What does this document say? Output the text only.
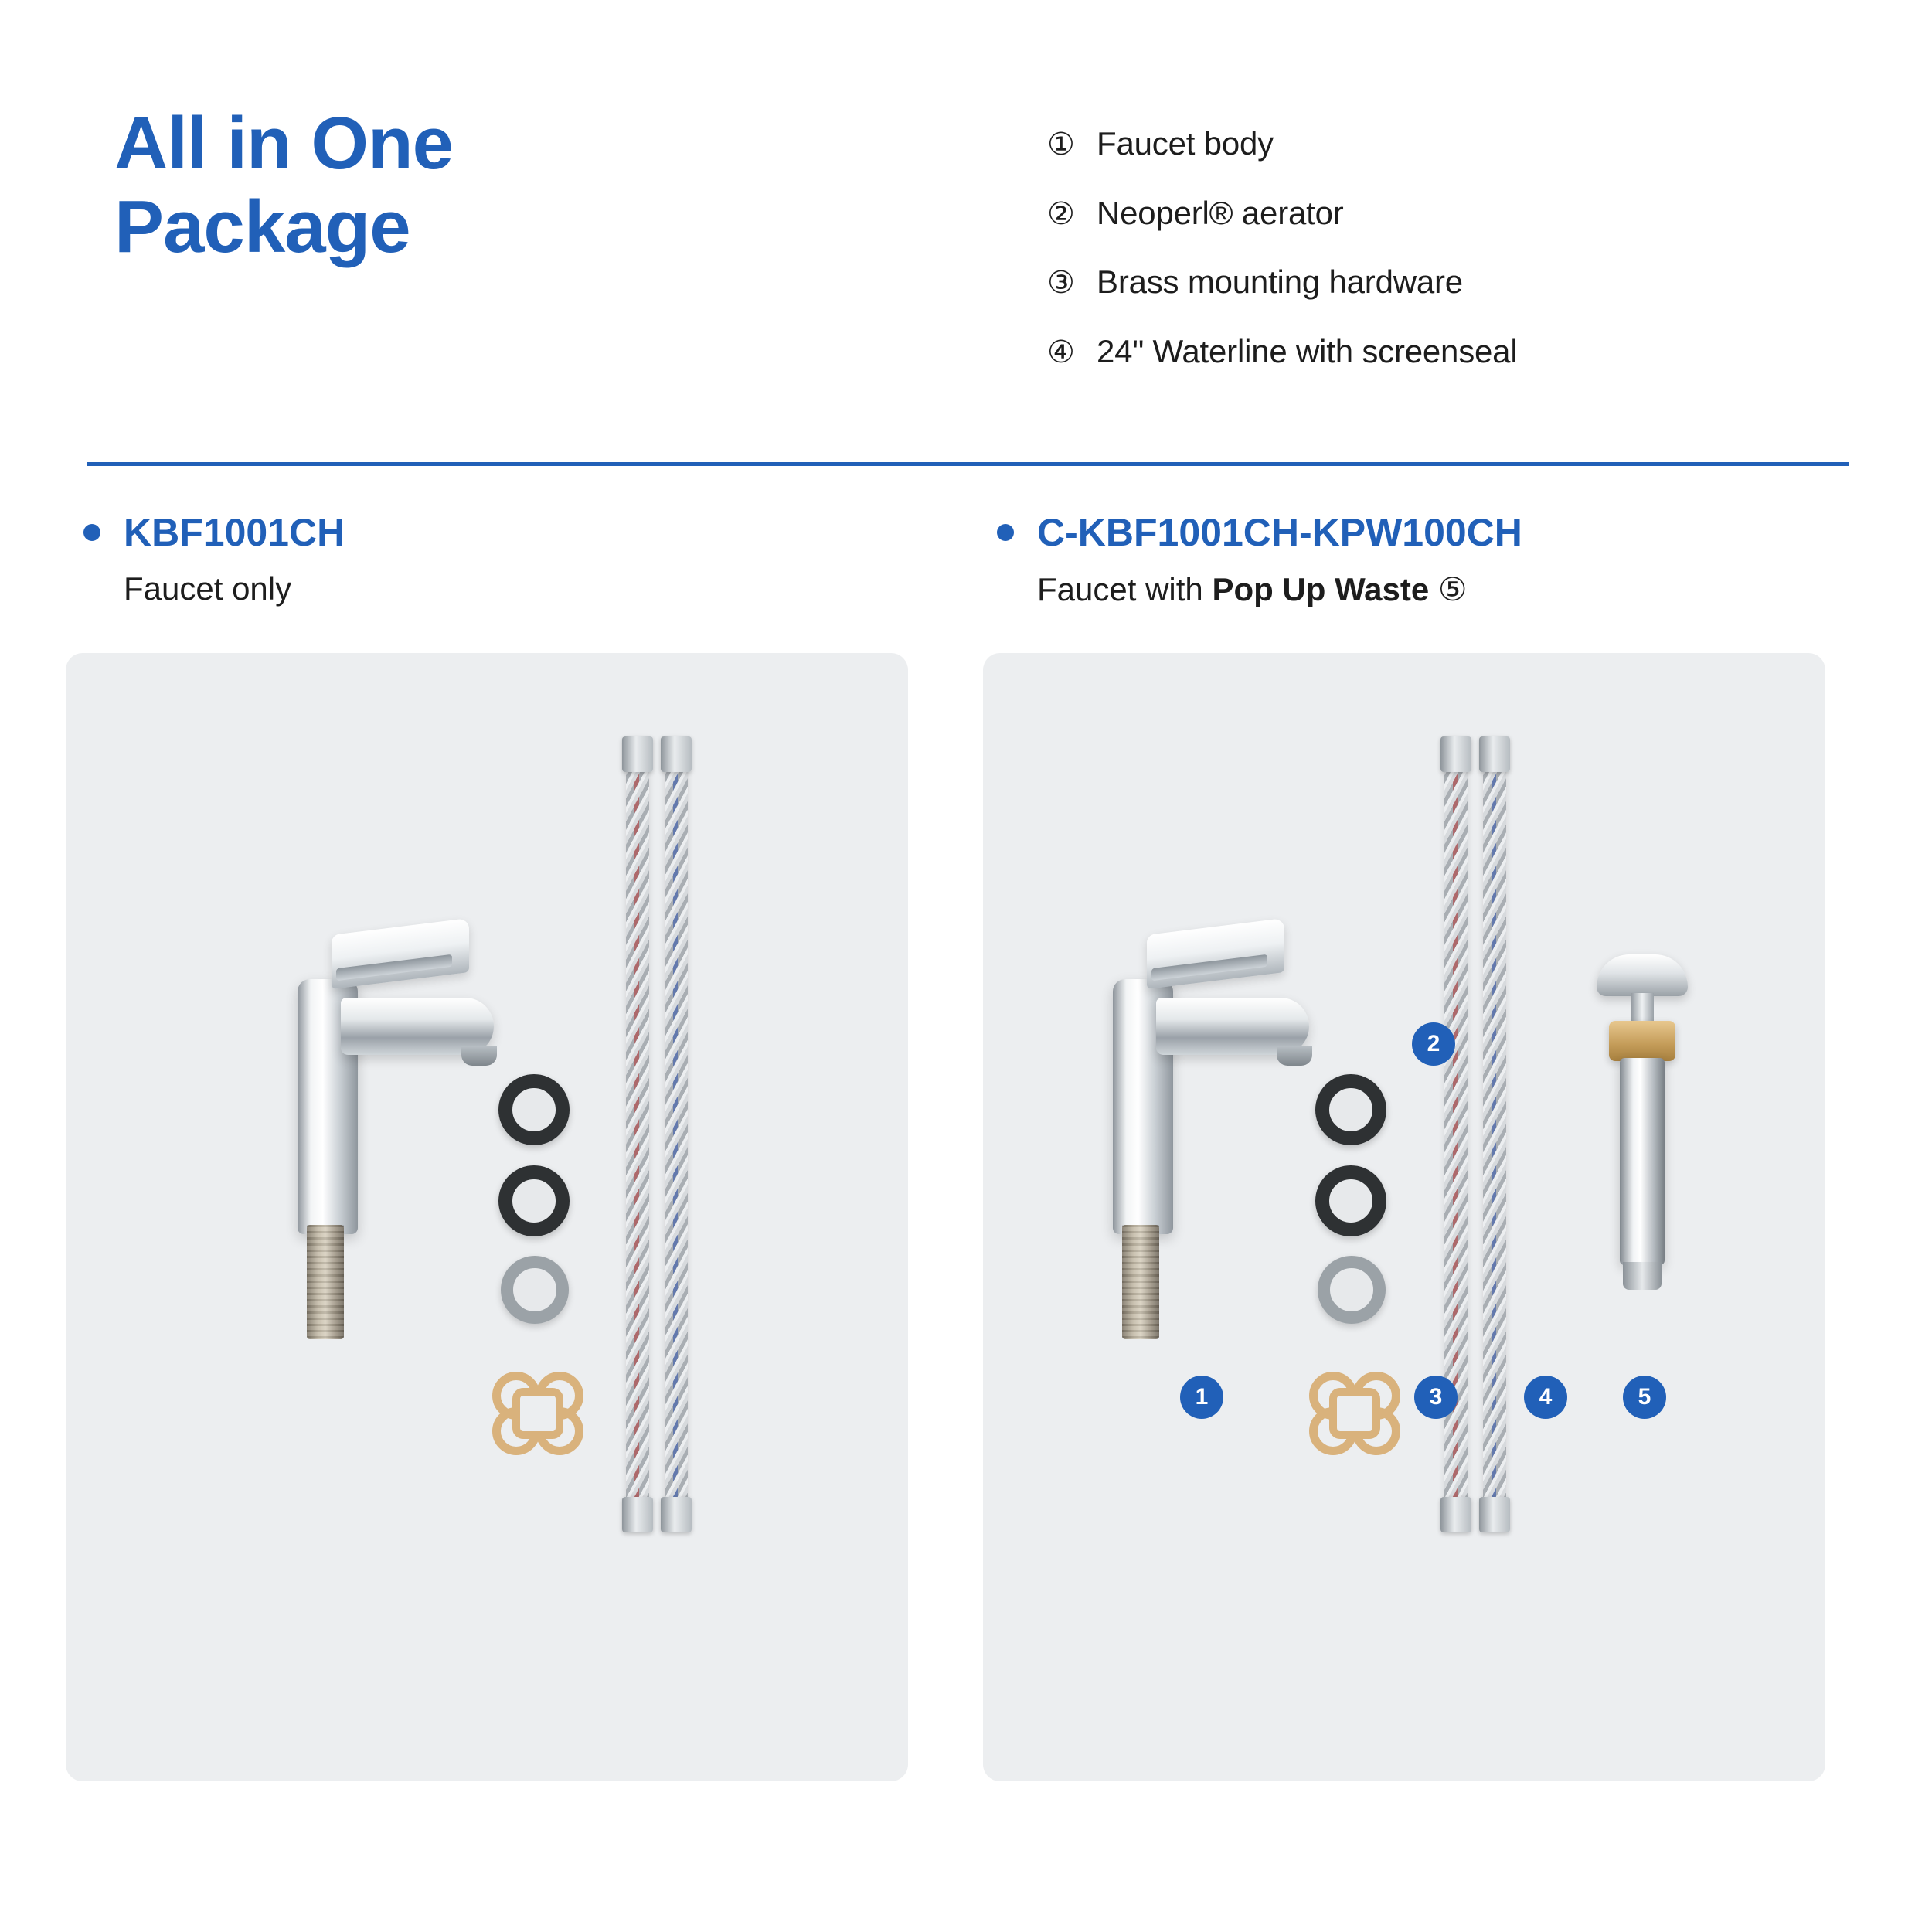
All in One
Package
① Faucet body
② Neoperl® aerator
③ Brass mounting hardware
④ 24" Waterline with screenseal
KBF1001CH
Faucet only
C-KBF1001CH-KPW100CH
Faucet with Pop Up Waste ⑤
1
2
3	4	5
